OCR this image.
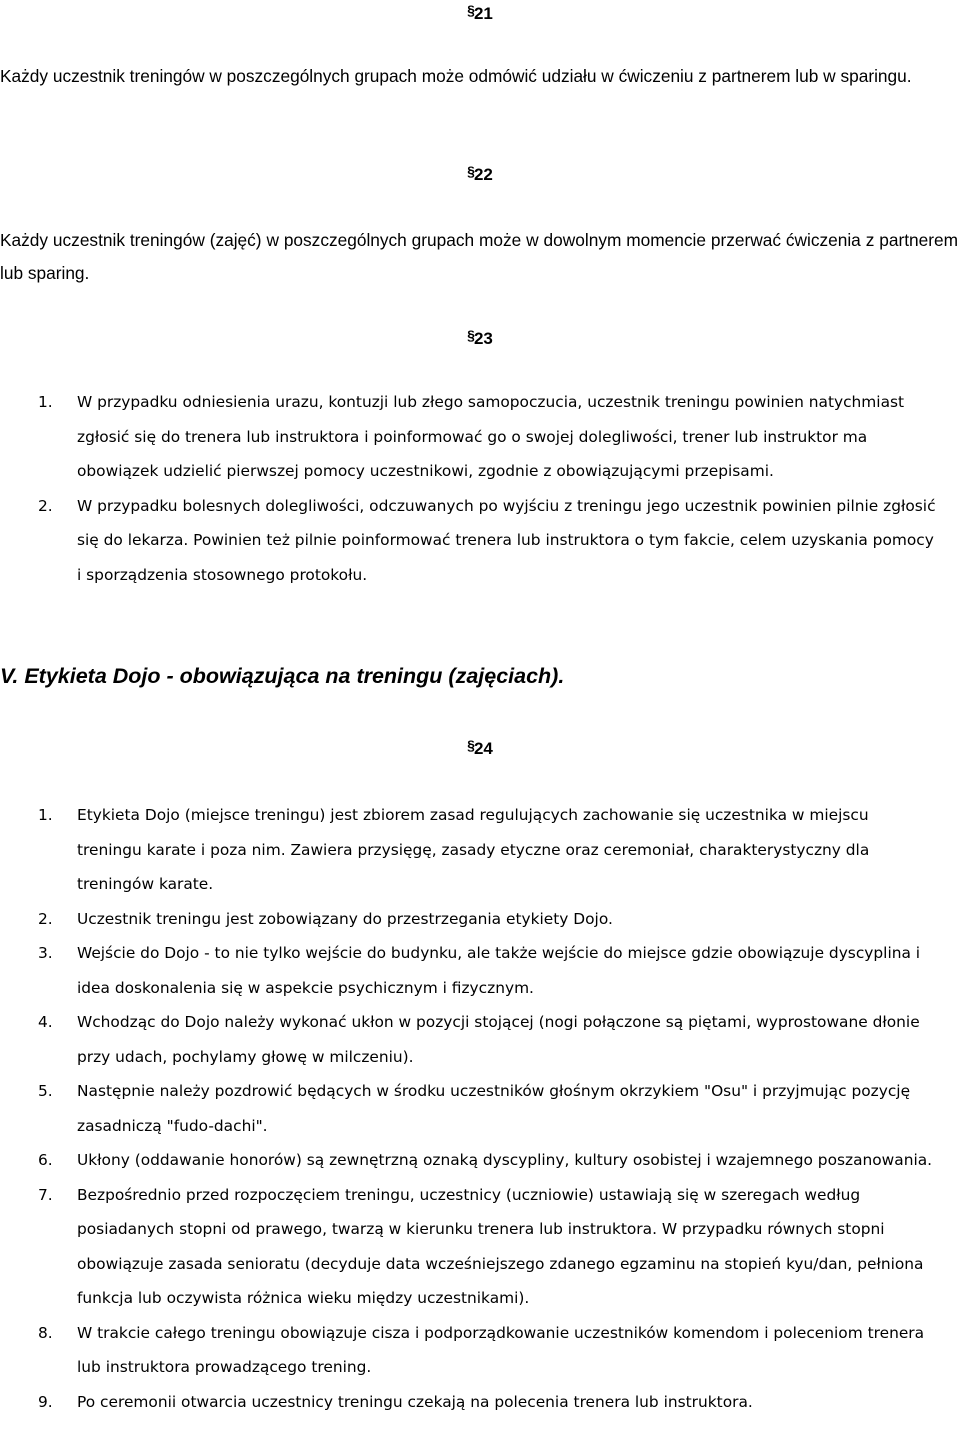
§21
Każdy uczestnik treningów w poszczególnych grupach może odmówić udziału w ćwiczeniu z partnerem lub w sparingu.
§22
Każdy uczestnik treningów (zajęć) w poszczególnych grupach może w dowolnym momencie przerwać ćwiczenia z partnerem lub sparing.
§23
1. W przypadku odniesienia urazu, kontuzji lub złego samopoczucia, uczestnik treningu powinien natychmiast zgłosić się do trenera lub instruktora i poinformować go o swojej dolegliwości, trener lub instruktor ma obowiązek udzielić pierwszej pomocy uczestnikowi, zgodnie z obowiązującymi przepisami.
2. W przypadku bolesnych dolegliwości, odczuwanych po wyjściu z treningu jego uczestnik powinien pilnie zgłosić się do lekarza. Powinien też pilnie poinformować trenera lub instruktora o tym fakcie, celem uzyskania pomocy i sporządzenia stosownego protokołu.
V. Etykieta Dojo - obowiązująca na treningu (zajęciach).
§24
1. Etykieta Dojo (miejsce treningu) jest zbiorem zasad regulujących zachowanie się uczestnika w miejscu treningu karate i poza nim. Zawiera przysięgę, zasady etyczne oraz ceremoniał, charakterystyczny dla treningów karate.
2. Uczestnik treningu jest zobowiązany do przestrzegania etykiety Dojo.
3. Wejście do Dojo - to nie tylko wejście do budynku, ale także wejście do miejsce gdzie obowiązuje dyscyplina i idea doskonalenia się w aspekcie psychicznym i fizycznym.
4. Wchodząc do Dojo należy wykonać ukłon w pozycji stojącej (nogi połączone są piętami, wyprostowane dłonie przy udach, pochylamy głowę w milczeniu).
5. Następnie należy pozdrowić będących w środku uczestników głośnym okrzykiem "Osu" i przyjmując pozycję zasadniczą "fudo-dachi".
6. Ukłony (oddawanie honorów) są zewnętrzną oznaką dyscypliny, kultury osobistej i wzajemnego poszanowania.
7. Bezpośrednio przed rozpoczęciem treningu, uczestnicy (uczniowie) ustawiają się w szeregach według posiadanych stopni od prawego, twarzą w kierunku trenera lub instruktora. W przypadku równych stopni obowiązuje zasada senioratu (decyduje data wcześniejszego zdanego egzaminu na stopień kyu/dan, pełniona funkcja lub oczywista różnica wieku między uczestnikami).
8. W trakcie całego treningu obowiązuje cisza i podporządkowanie uczestników komendom i poleceniom trenera lub instruktora prowadzącego trening.
9. Po ceremonii otwarcia uczestnicy treningu czekają na polecenia trenera lub instruktora.
